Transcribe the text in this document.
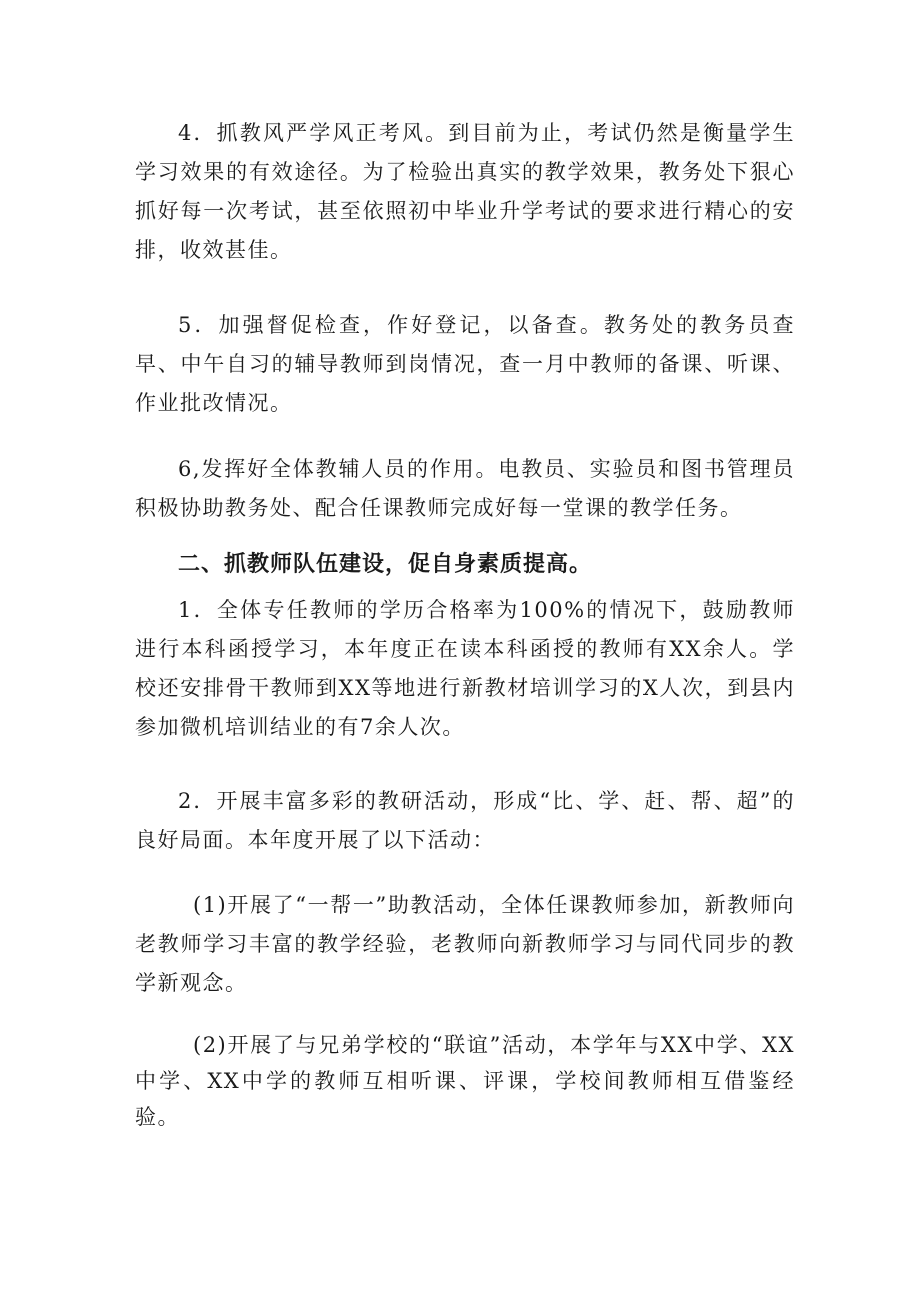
4．抓教风严学风正考风。到目前为止，考试仍然是衡量学生学习效果的有效途径。为了检验出真实的教学效果，教务处下狠心抓好每一次考试，甚至依照初中毕业升学考试的要求进行精心的安排，收效甚佳。

5．加强督促检查，作好登记，以备查。教务处的教务员查早、中午自习的辅导教师到岗情况，查一月中教师的备课、听课、作业批改情况。

6,发挥好全体教辅人员的作用。电教员、实验员和图书管理员积极协助教务处、配合任课教师完成好每一堂课的教学任务。

二、抓教师队伍建设，促自身素质提高。

1．全体专任教师的学历合格率为100%的情况下，鼓励教师进行本科函授学习，本年度正在读本科函授的教师有XX余人。学校还安排骨干教师到XX等地进行新教材培训学习的X人次，到县内参加微机培训结业的有7余人次。

2．开展丰富多彩的教研活动，形成“比、学、赶、帮、超”的良好局面。本年度开展了以下活动：

(1)开展了“一帮一”助教活动，全体任课教师参加，新教师向老教师学习丰富的教学经验，老教师向新教师学习与同代同步的教学新观念。

(2)开展了与兄弟学校的“联谊”活动，本学年与XX中学、XX中学、XX中学的教师互相听课、评课，学校间教师相互借鉴经验。
